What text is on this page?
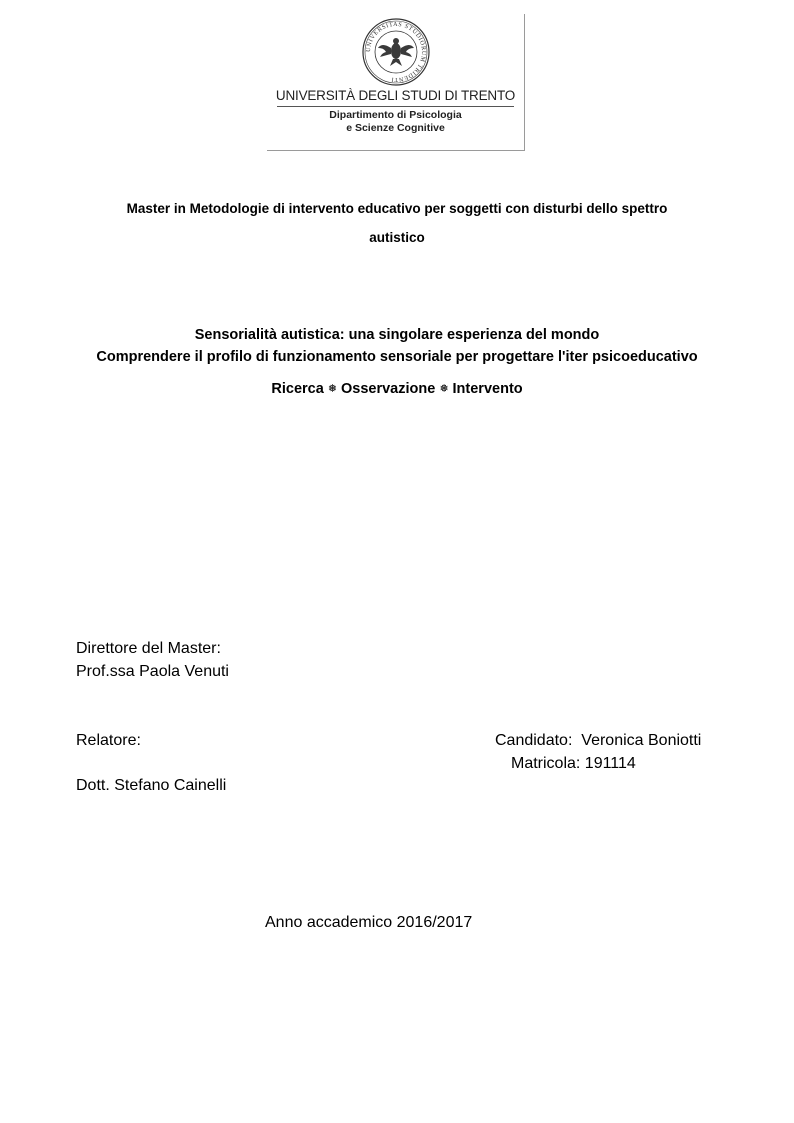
UNIVERSITAS STUDIORUM TRIDENTI
UNIVERSITÀ DEGLI STUDI DI TRENTO
Dipartimento di Psicologia
e Scienze Cognitive
Master in Metodologie di intervento educativo per soggetti con disturbi dello spettro
autistico
Sensorialità autistica: una singolare esperienza del mondo
Comprendere il profilo di funzionamento sensoriale per progettare l'iter psicoeducativo
Ricerca ❅ Osservazione ❅ Intervento
Direttore del Master:
Prof.ssa Paola Venuti
Relatore:
Dott. Stefano Cainelli
Candidato:  Veronica Boniotti
Matricola: 191114
Anno accademico 2016/2017
